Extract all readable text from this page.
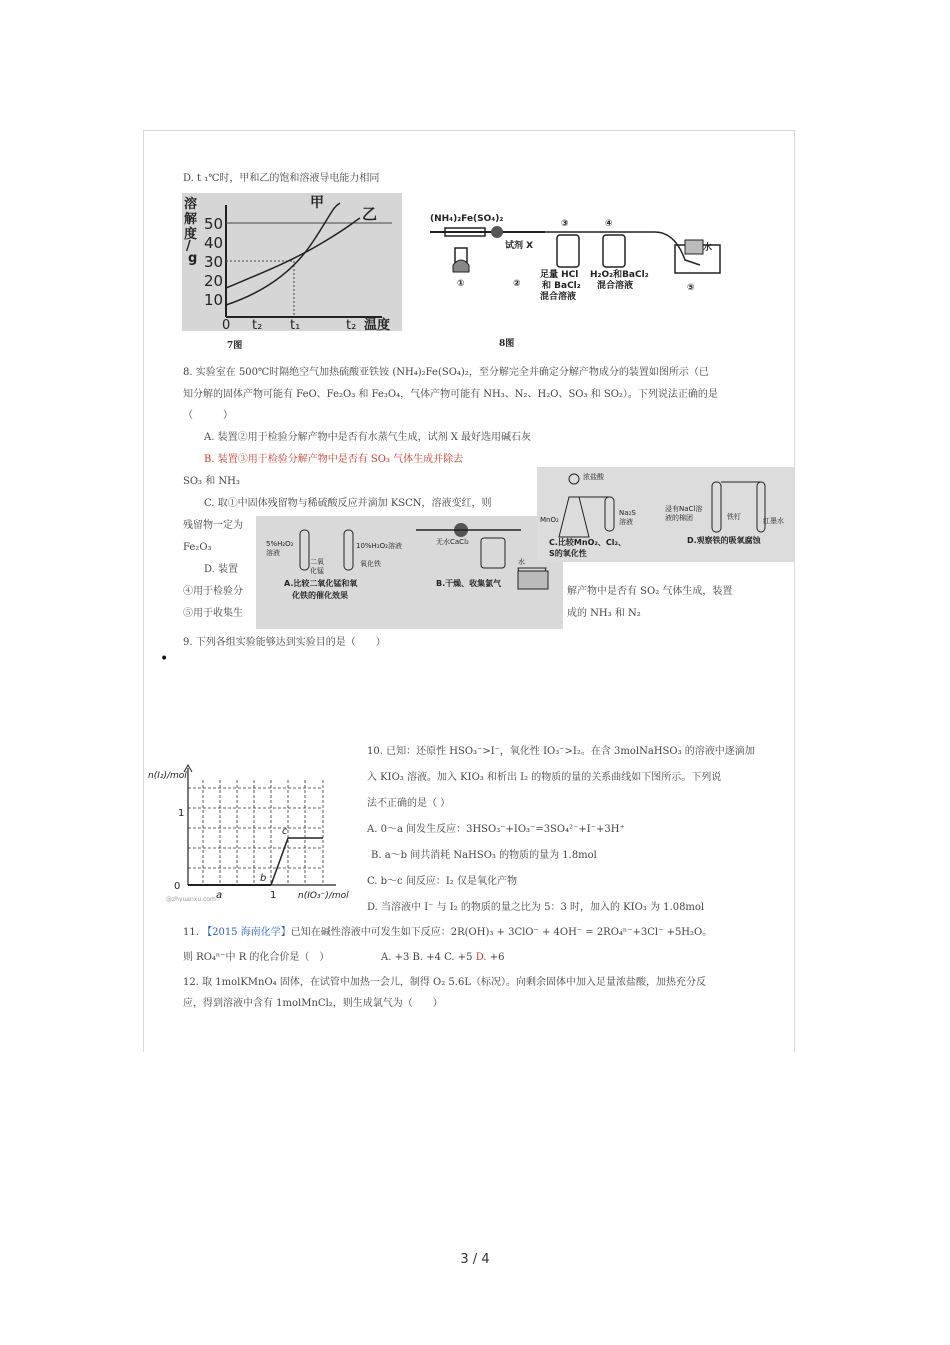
D. t ₁℃时，甲和乙的饱和溶液导电能力相同
溶
解
度
/
g
50
40
30
20
10
甲
乙
0 t₂ t₁	t₂ 温度
7图
(NH₄)₂Fe(SO₄)₂
试剂 X
③	④
足量 HCl
和 BaCl₂
混合溶液
H₂O₂和BaCl₂
混合溶液
水
①	②	⑤
8图
8. 实验室在 500℃时隔绝空气加热硫酸亚铁铵 (NH₄)₂Fe(SO₄)₂，至分解完全并确定分解产物成分的装置如图所示（已
知分解的固体产物可能有 FeO、Fe₂O₃ 和 Fe₃O₄，气体产物可能有 NH₃、N₂、H₂O、SO₃ 和 SO₂）。下列说法正确的是
（　　　）
A. 装置②用于检验分解产物中是否有水蒸气生成，试剂 X 最好选用碱石灰
B. 装置③用于检验分解产物中是否有 SO₃ 气体生成并除去
SO₃ 和 NH₃
C. 取①中固体残留物与稀硫酸反应并滴加 KSCN，溶液变红，则
残留物一定为
Fe₂O₃
D. 装置
④用于检验分
⑤用于收集生
解产物中是否有 SO₂ 气体生成，装置
成的 NH₃ 和 N₂
5%H₂O₂
溶液
二氧
化锰
10%H₂O₂溶液
氧化铁
无水CaCl₂
水
A.比较二氧化锰和氧
化铁的催化效果
B.干燥、收集氯气
浓盐酸
MnO₂
Na₂S
溶液
浸有NaCl溶
液的棉团	铁钉	红墨水
C.比较MnO₂、Cl₂、
S的氧化性
D.观察铁的吸氧腐蚀
9. 下列各组实验能够达到实验目的是（　　）
•
n(I₂)/mol
0
1
1
a
b
c
n(IO₃⁻)/mol
@zhyuanxu.com
10. 已知：还原性 HSO₃⁻>I⁻，氧化性 IO₃⁻>I₂。在含 3molNaHSO₃ 的溶液中逐滴加
入 KIO₃ 溶液。加入 KIO₃ 和析出 I₂ 的物质的量的关系曲线如下图所示。下列说
法不正确的是（ ）
A. 0～a 间发生反应：3HSO₃⁻+IO₃⁻=3SO₄²⁻+I⁻+3H⁺
B. a～b 间共消耗 NaHSO₃ 的物质的量为 1.8mol
C. b～c 间反应：I₂ 仅是氧化产物
D. 当溶液中 I⁻ 与 I₂ 的物质的量之比为 5：3 时，加入的 KIO₃ 为 1.08mol
11. 【2015 海南化学】已知在碱性溶液中可发生如下反应：2R(OH)₃ + 3ClO⁻ + 4OH⁻ = 2RO₄ⁿ⁻+3Cl⁻ +5H₂O。
则 RO₄ⁿ⁻中 R 的化合价是（　）	A. +3 B. +4 C. +5 D. +6
12. 取 1molKMnO₄ 固体，在试管中加热一会儿，制得 O₂ 5.6L（标况）。向剩余固体中加入足量浓盐酸，加热充分反
应，得到溶液中含有 1molMnCl₂，则生成氯气为（　　）
3 / 4
